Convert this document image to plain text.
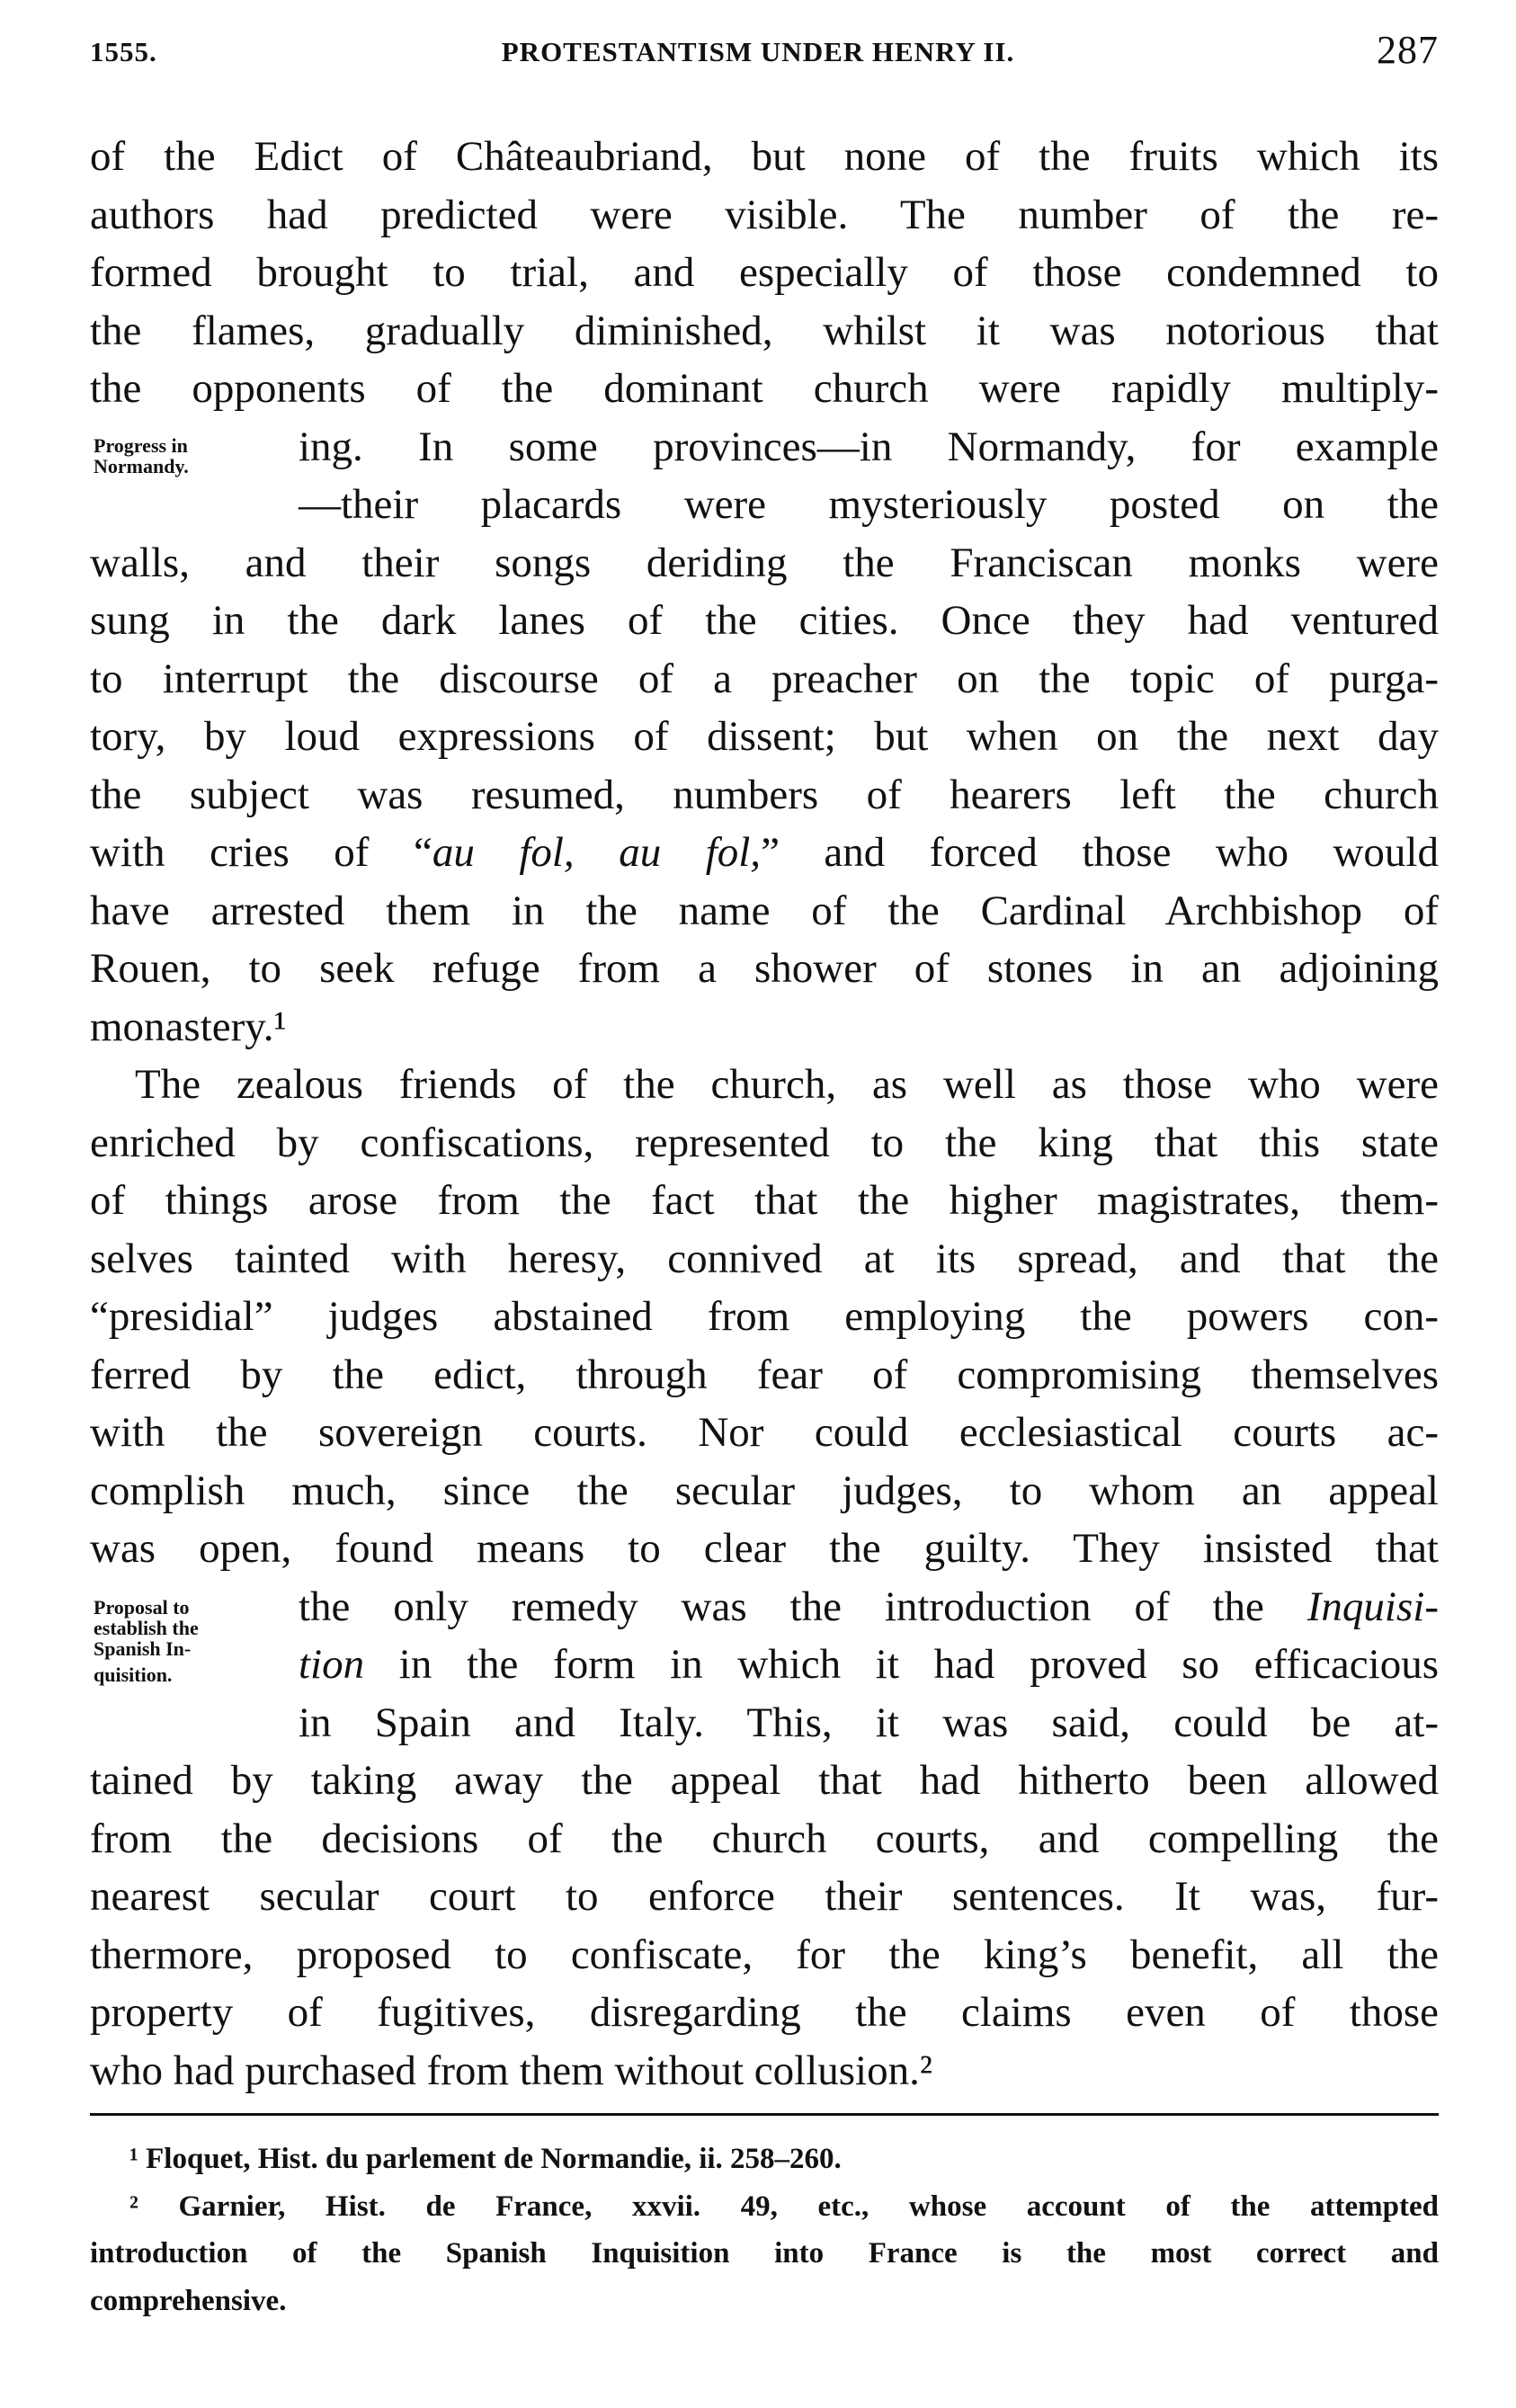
1555.	PROTESTANTISM UNDER HENRY II.	287
Progress in
Normandy.
Proposal to
establish the
Spanish In-
quisition.
of the Edict of Châteaubriand, but none of the fruits which its
authors had predicted were visible. The number of the re-
formed brought to trial, and especially of those condemned to
the flames, gradually diminished, whilst it was notorious that
the opponents of the dominant church were rapidly multiply-
ing. In some provinces—in Normandy, for example
—their placards were mysteriously posted on the
walls, and their songs deriding the Franciscan monks were
sung in the dark lanes of the cities. Once they had ventured
to interrupt the discourse of a preacher on the topic of purga-
tory, by loud expressions of dissent; but when on the next day
the subject was resumed, numbers of hearers left the church
with cries of “au fol, au fol,” and forced those who would
have arrested them in the name of the Cardinal Archbishop of
Rouen, to seek refuge from a shower of stones in an adjoining
monastery.¹
The zealous friends of the church, as well as those who were
enriched by confiscations, represented to the king that this state
of things arose from the fact that the higher magistrates, them-
selves tainted with heresy, connived at its spread, and that the
“presidial” judges abstained from employing the powers con-
ferred by the edict, through fear of compromising themselves
with the sovereign courts. Nor could ecclesiastical courts ac-
complish much, since the secular judges, to whom an appeal
was open, found means to clear the guilty. They insisted that
the only remedy was the introduction of the Inquisi-
tion in the form in which it had proved so efficacious
in Spain and Italy. This, it was said, could be at-
tained by taking away the appeal that had hitherto been allowed
from the decisions of the church courts, and compelling the
nearest secular court to enforce their sentences. It was, fur-
thermore, proposed to confiscate, for the king’s benefit, all the
property of fugitives, disregarding the claims even of those
who had purchased from them without collusion.²
¹ Floquet, Hist. du parlement de Normandie, ii. 258–260.
² Garnier, Hist. de France, xxvii. 49, etc., whose account of the attempted
introduction of the Spanish Inquisition into France is the most correct and
comprehensive.
